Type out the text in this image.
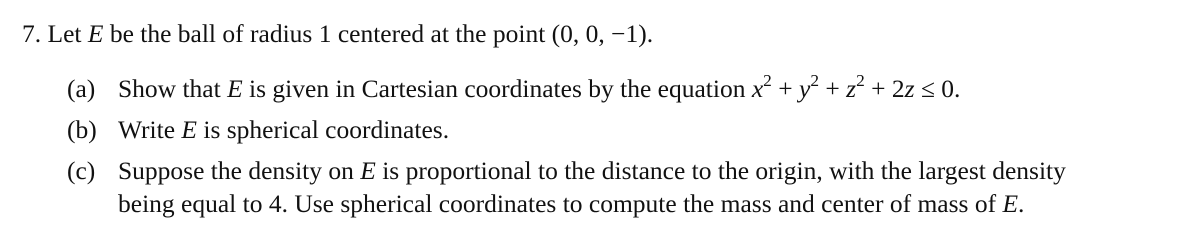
7. Let E be the ball of radius 1 centered at the point (0, 0, −1).
(a) Show that E is given in Cartesian coordinates by the equation $x^2 + y^2 + z^2 + 2z \le 0$.
(b) Write E is spherical coordinates.
(c) Suppose the density on E is proportional to the distance to the origin, with the largest density
being equal to 4. Use spherical coordinates to compute the mass and center of mass of E.
